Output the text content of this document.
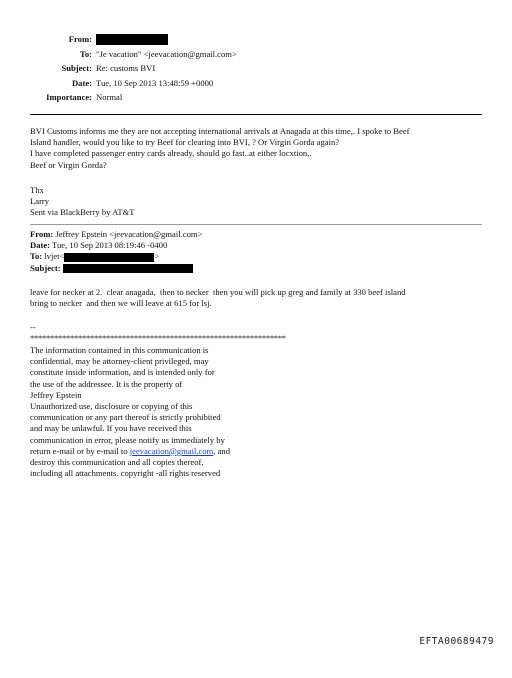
From:
To: "Je vacation" <jeevacation@gmail.com>
Subject: Re: customs BVI
Date: Tue, 10 Sep 2013 13:48:59 +0000
Importance: Normal

BVI Customs informs me they are not accepting international arrivals at Anagada at this time,. I spoke to Beef

Island handler, would you like to try Beef for clearing into BVI, ? Or Virgin Gorda again?

I have completed passenger entry cards already, should go fast..at either locxtion,.

Beef or Virgin Gorda?

Thx

Larry

Sent via BlackBerry by AT&T

From: Jeffrey Epstein <jeevacation@gmail.com>

Date: Tue, 10 Sep 2013 08:19:46 -0400

To: lvjet<	>

Subject:

leave for necker at 2.  clear anagada,  then to necker  then you will pick up greg and family at 330 beef island

bring to necker  and then we will leave at 615 for lsj.

--

****************************************************************

The information contained in this communication is

confidential, may be attorney-client privileged, may

constitute inside information, and is intended only for

the use of the addressee. It is the property of

Jeffrey Epstein

Unauthorized use, disclosure or copying of this

communication or any part thereof is strictly prohibited

and may be unlawful. If you have received this

communication in error, please notify us immediately by

return e-mail or by e-mail to jeevacation@gmail.com, and

destroy this communication and all copies thereof,

including all attachments. copyright -all rights reserved

EFTA00689479
